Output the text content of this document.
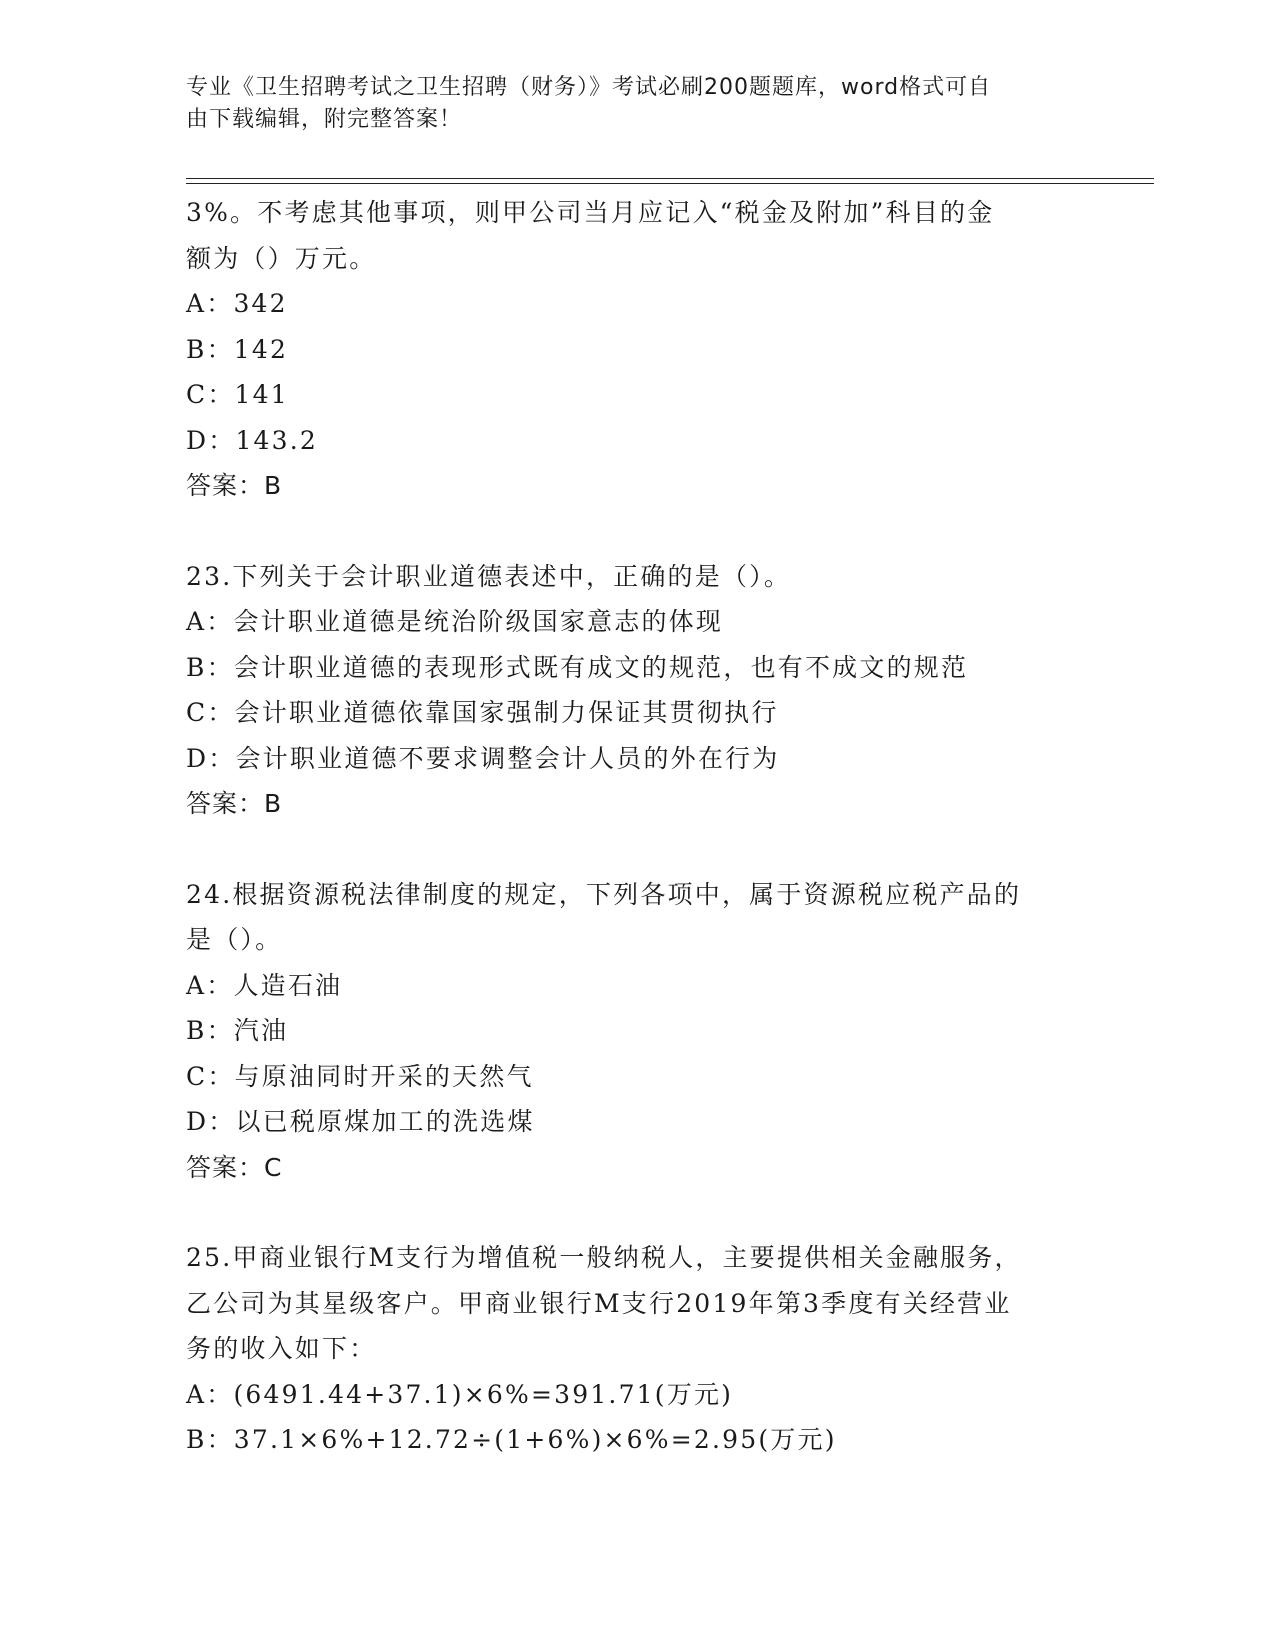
专业《卫生招聘考试之卫生招聘（财务）》考试必刷200题题库，word格式可自
由下载编辑，附完整答案！
3%。不考虑其他事项，则甲公司当月应记入“税金及附加”科目的金
额为（）万元。
A：342
B：142
C：141
D：143.2
答案：B
23.下列关于会计职业道德表述中，正确的是（）。
A：会计职业道德是统治阶级国家意志的体现
B：会计职业道德的表现形式既有成文的规范，也有不成文的规范
C：会计职业道德依靠国家强制力保证其贯彻执行
D：会计职业道德不要求调整会计人员的外在行为
答案：B
24.根据资源税法律制度的规定，下列各项中，属于资源税应税产品的
是（）。
A：人造石油
B：汽油
C：与原油同时开采的天然气
D：以已税原煤加工的洗选煤
答案：C
25.甲商业银行M支行为增值税一般纳税人，主要提供相关金融服务，
乙公司为其星级客户。甲商业银行M支行2019年第3季度有关经营业
务的收入如下：
A：(6491.44+37.1)×6%=391.71(万元)
B：37.1×6%+12.72÷(1+6%)×6%=2.95(万元)
